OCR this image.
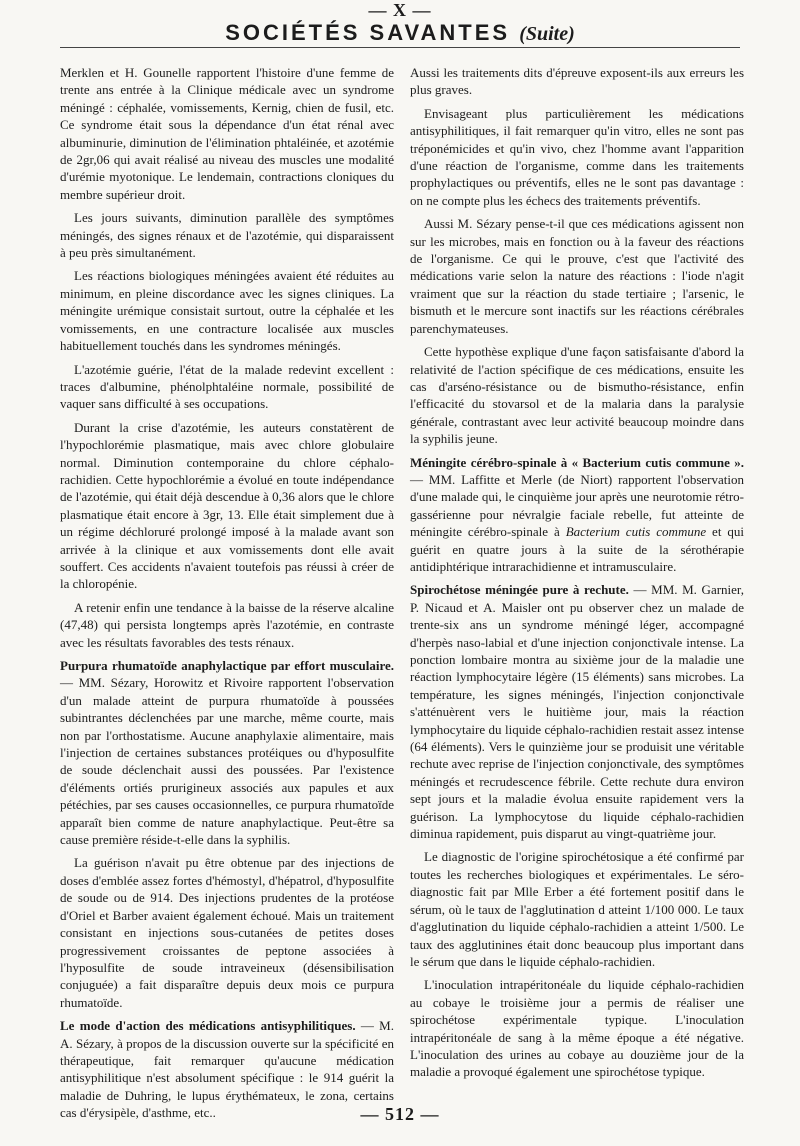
— X —
SOCIÉTÉS SAVANTES (Suite)

Merklen et H. Gounelle rapportent l'histoire d'une femme de trente ans entrée à la Clinique médicale avec un syndrome méningé : céphalée, vomissements, Kernig, chien de fusil, etc. Ce syndrome était sous la dépendance d'un état rénal avec albuminurie, diminution de l'élimination phtaléinée, et azotémie de 2gr,06 qui avait réalisé au niveau des muscles une modalité d'urémie myotonique. Le lendemain, contractions cloniques du membre supérieur droit.

Les jours suivants, diminution parallèle des symptômes méningés, des signes rénaux et de l'azotémie, qui disparaissent à peu près simultanément.

Les réactions biologiques méningées avaient été réduites au minimum, en pleine discordance avec les signes cliniques. La méningite urémique consistait surtout, outre la céphalée et les vomissements, en une contracture localisée aux muscles habituellement touchés dans les syndromes méningés.

L'azotémie guérie, l'état de la malade redevint excellent : traces d'albumine, phénolphtaléine normale, possibilité de vaquer sans difficulté à ses occupations.

Durant la crise d'azotémie, les auteurs constatèrent de l'hypochlorémie plasmatique, mais avec chlore globulaire normal. Diminution contemporaine du chlore céphalo-rachidien. Cette hypochlorémie a évolué en toute indépendance de l'azotémie, qui était déjà descendue à 0,36 alors que le chlore plasmatique était encore à 3gr, 13. Elle était simplement due à un régime déchloruré prolongé imposé à la malade avant son arrivée à la clinique et aux vomissements dont elle avait souffert. Ces accidents n'avaient toutefois pas réussi à créer de la chloropénie.

A retenir enfin une tendance à la baisse de la réserve alcaline (47,48) qui persista longtemps après l'azotémie, en contraste avec les résultats favorables des tests rénaux.

Purpura rhumatoïde anaphylactique par effort musculaire. — MM. Sézary, Horowitz et Rivoire rapportent l'observation d'un malade atteint de purpura rhumatoïde à poussées subintrantes déclenchées par une marche, même courte, mais non par l'orthostatisme. Aucune anaphylaxie alimentaire, mais l'injection de certaines substances protéiques ou d'hyposulfite de soude déclenchait aussi des poussées. Par l'existence d'éléments ortiés prurigineux associés aux papules et aux pétéchies, par ses causes occasionnelles, ce purpura rhumatoïde apparaît bien comme de nature anaphylactique. Peut-être sa cause première réside-t-elle dans la syphilis.

La guérison n'avait pu être obtenue par des injections de doses d'emblée assez fortes d'hémostyl, d'hépatrol, d'hyposulfite de soude ou de 914. Des injections prudentes de la protéose d'Oriel et Barber avaient également échoué. Mais un traitement consistant en injections sous-cutanées de petites doses progressivement croissantes de peptone associées à l'hyposulfite de soude intraveineux (désensibilisation conjuguée) a fait disparaître depuis deux mois ce purpura rhumatoïde.

Le mode d'action des médications antisyphilitiques. — M. A. Sézary, à propos de la discussion ouverte sur la spécificité en thérapeutique, fait remarquer qu'aucune médication antisyphilitique n'est absolument spécifique : le 914 guérit la maladie de Duhring, le lupus érythémateux, le zona, certains cas d'érysipèle, d'asthme, etc..

Aussi les traitements dits d'épreuve exposent-ils aux erreurs les plus graves.

Envisageant plus particulièrement les médications antisyphilitiques, il fait remarquer qu'in vitro, elles ne sont pas tréponémicides et qu'in vivo, chez l'homme avant l'apparition d'une réaction de l'organisme, comme dans les traitements prophylactiques ou préventifs, elles ne le sont pas davantage : on ne compte plus les échecs des traitements préventifs.

Aussi M. Sézary pense-t-il que ces médications agissent non sur les microbes, mais en fonction ou à la faveur des réactions de l'organisme. Ce qui le prouve, c'est que l'activité des médications varie selon la nature des réactions : l'iode n'agit vraiment que sur la réaction du stade tertiaire ; l'arsenic, le bismuth et le mercure sont inactifs sur les réactions cérébrales parenchymateuses.

Cette hypothèse explique d'une façon satisfaisante d'abord la relativité de l'action spécifique de ces médications, ensuite les cas d'arséno-résistance ou de bismutho-résistance, enfin l'efficacité du stovarsol et de la malaria dans la paralysie générale, contrastant avec leur activité beaucoup moindre dans la syphilis jeune.

Méningite cérébro-spinale à « Bacterium cutis commune ». — MM. Laffitte et Merle (de Niort) rapportent l'observation d'une malade qui, le cinquième jour après une neurotomie rétro-gassérienne pour névralgie faciale rebelle, fut atteinte de méningite cérébro-spinale à Bacterium cutis commune et qui guérit en quatre jours à la suite de la sérothérapie antidiphtérique intrarachidienne et intramusculaire.

Spirochétose méningée pure à rechute. — MM. M. Garnier, P. Nicaud et A. Maisler ont pu observer chez un malade de trente-six ans un syndrome méningé léger, accompagné d'herpès naso-labial et d'une injection conjonctivale intense. La ponction lombaire montra au sixième jour de la maladie une réaction lymphocytaire légère (15 éléments) sans microbes. La température, les signes méningés, l'injection conjonctivale s'atténuèrent vers le huitième jour, mais la réaction lymphocytaire du liquide céphalo-rachidien restait assez intense (64 éléments). Vers le quinzième jour se produisit une véritable rechute avec reprise de l'injection conjonctivale, des symptômes méningés et recrudescence fébrile. Cette rechute dura environ sept jours et la maladie évolua ensuite rapidement vers la guérison. La lymphocytose du liquide céphalo-rachidien diminua rapidement, puis disparut au vingt-quatrième jour.

Le diagnostic de l'origine spirochétosique a été confirmé par toutes les recherches biologiques et expérimentales. Le séro-diagnostic fait par Mlle Erber a été fortement positif dans le sérum, où le taux de l'agglutination d atteint 1/100 000. Le taux d'agglutination du liquide céphalo-rachidien a atteint 1/500. Le taux des agglutinines était donc beaucoup plus important dans le sérum que dans le liquide céphalo-rachidien.

L'inoculation intrapéritonéale du liquide céphalo-rachidien au cobaye le troisième jour a permis de réaliser une spirochétose expérimentale typique. L'inoculation intrapéritonéale de sang à la même époque a été négative. L'inoculation des urines au cobaye au douzième jour de la maladie a provoqué également une spirochétose typique.

— 512 —
